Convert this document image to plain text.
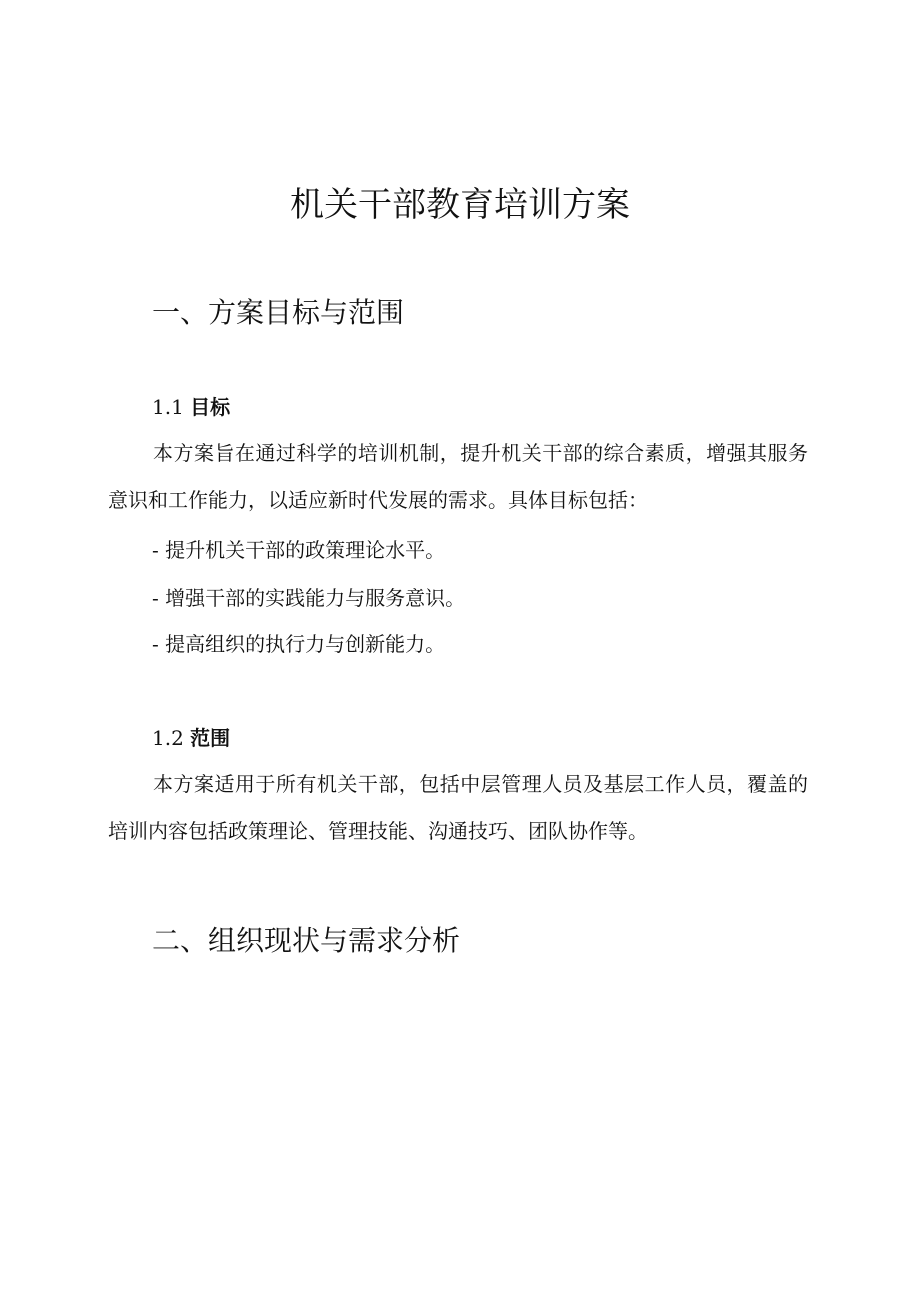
机关干部教育培训方案
一、方案目标与范围
1.1 目标

本方案旨在通过科学的培训机制，提升机关干部的综合素质，增强其服务意识和工作能力，以适应新时代发展的需求。具体目标包括：

- 提升机关干部的政策理论水平。

- 增强干部的实践能力与服务意识。

- 提高组织的执行力与创新能力。

1.2 范围

本方案适用于所有机关干部，包括中层管理人员及基层工作人员，覆盖的培训内容包括政策理论、管理技能、沟通技巧、团队协作等。

二、组织现状与需求分析
